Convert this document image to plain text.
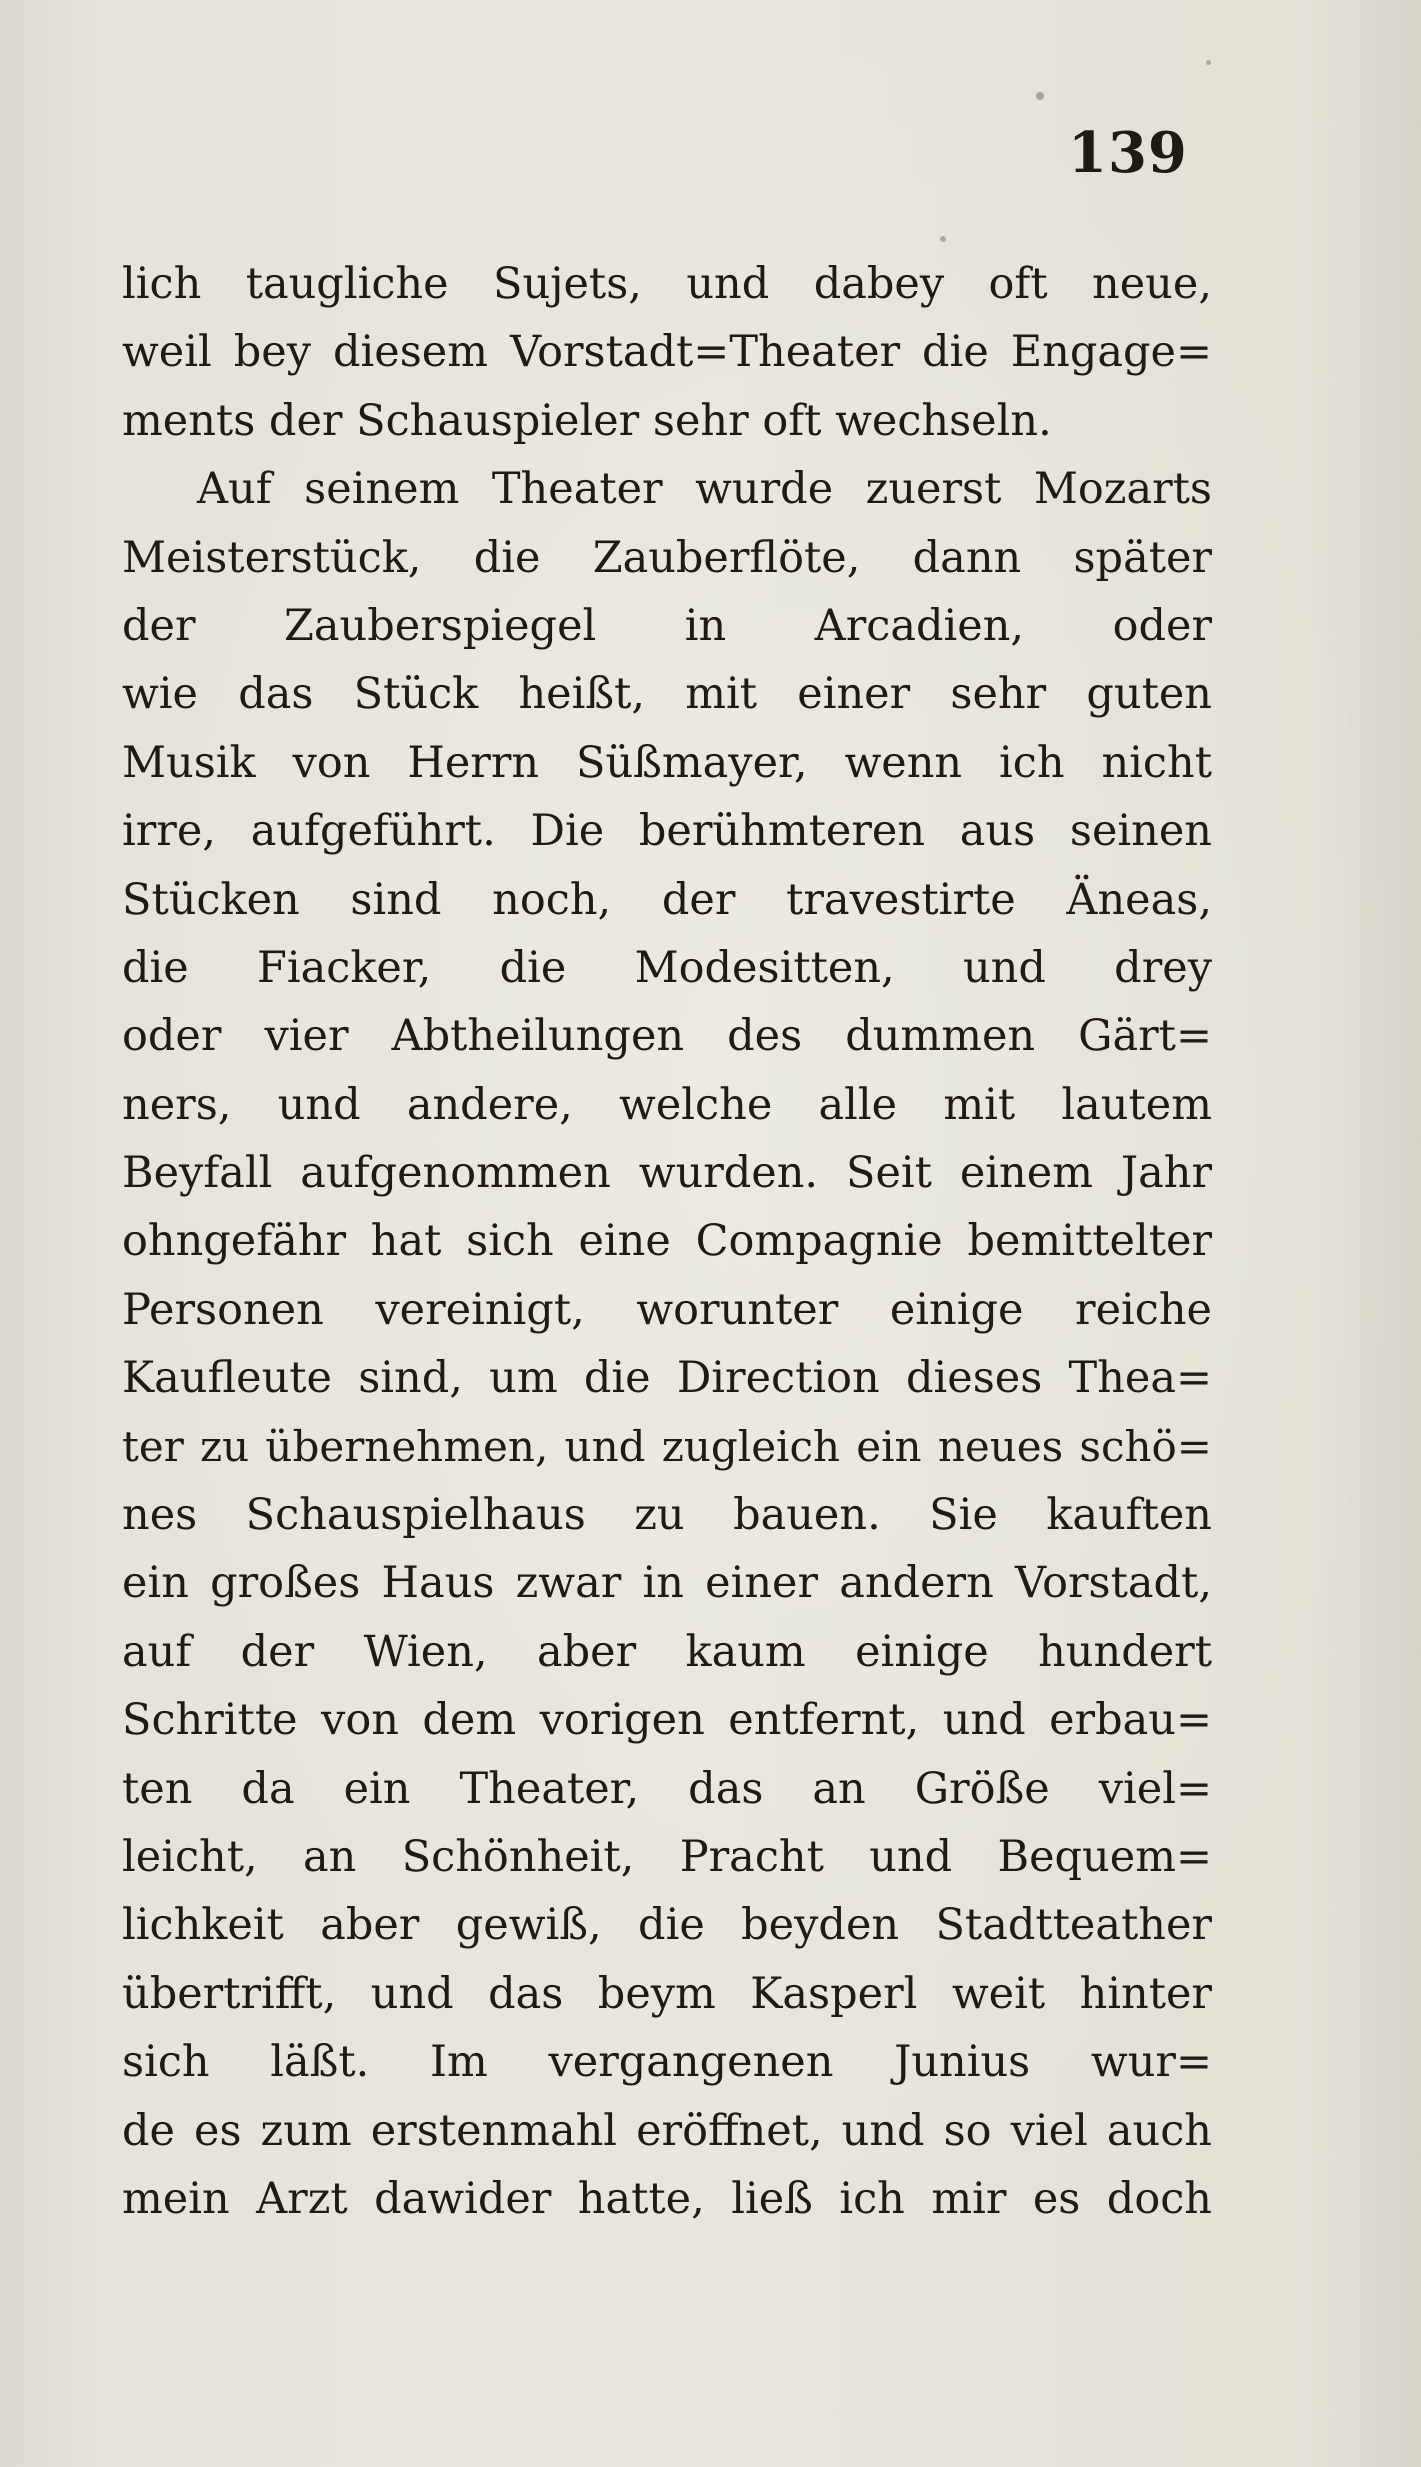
139
lich taugliche Sujets, und dabey oft neue,
weil bey diesem Vorstadt=Theater die Engage=
ments der Schauspieler sehr oft wechseln.
Auf seinem Theater wurde zuerst Mozarts
Meisterstück, die Zauberflöte, dann später
der Zauberspiegel in Arcadien, oder
wie das Stück heißt, mit einer sehr guten
Musik von Herrn Süßmayer, wenn ich nicht
irre, aufgeführt. Die berühmteren aus seinen
Stücken sind noch, der travestirte Äneas,
die Fiacker, die Modesitten, und drey
oder vier Abtheilungen des dummen Gärt=
ners, und andere, welche alle mit lautem
Beyfall aufgenommen wurden. Seit einem Jahr
ohngefähr hat sich eine Compagnie bemittelter
Personen vereinigt, worunter einige reiche
Kaufleute sind, um die Direction dieses Thea=
ter zu übernehmen, und zugleich ein neues schö=
nes Schauspielhaus zu bauen. Sie kauften
ein großes Haus zwar in einer andern Vorstadt,
auf der Wien, aber kaum einige hundert
Schritte von dem vorigen entfernt, und erbau=
ten da ein Theater, das an Größe viel=
leicht, an Schönheit, Pracht und Bequem=
lichkeit aber gewiß, die beyden Stadtteather
übertrifft, und das beym Kasperl weit hinter
sich läßt. Im vergangenen Junius wur=
de es zum erstenmahl eröffnet, und so viel auch
mein Arzt dawider hatte, ließ ich mir es doch
